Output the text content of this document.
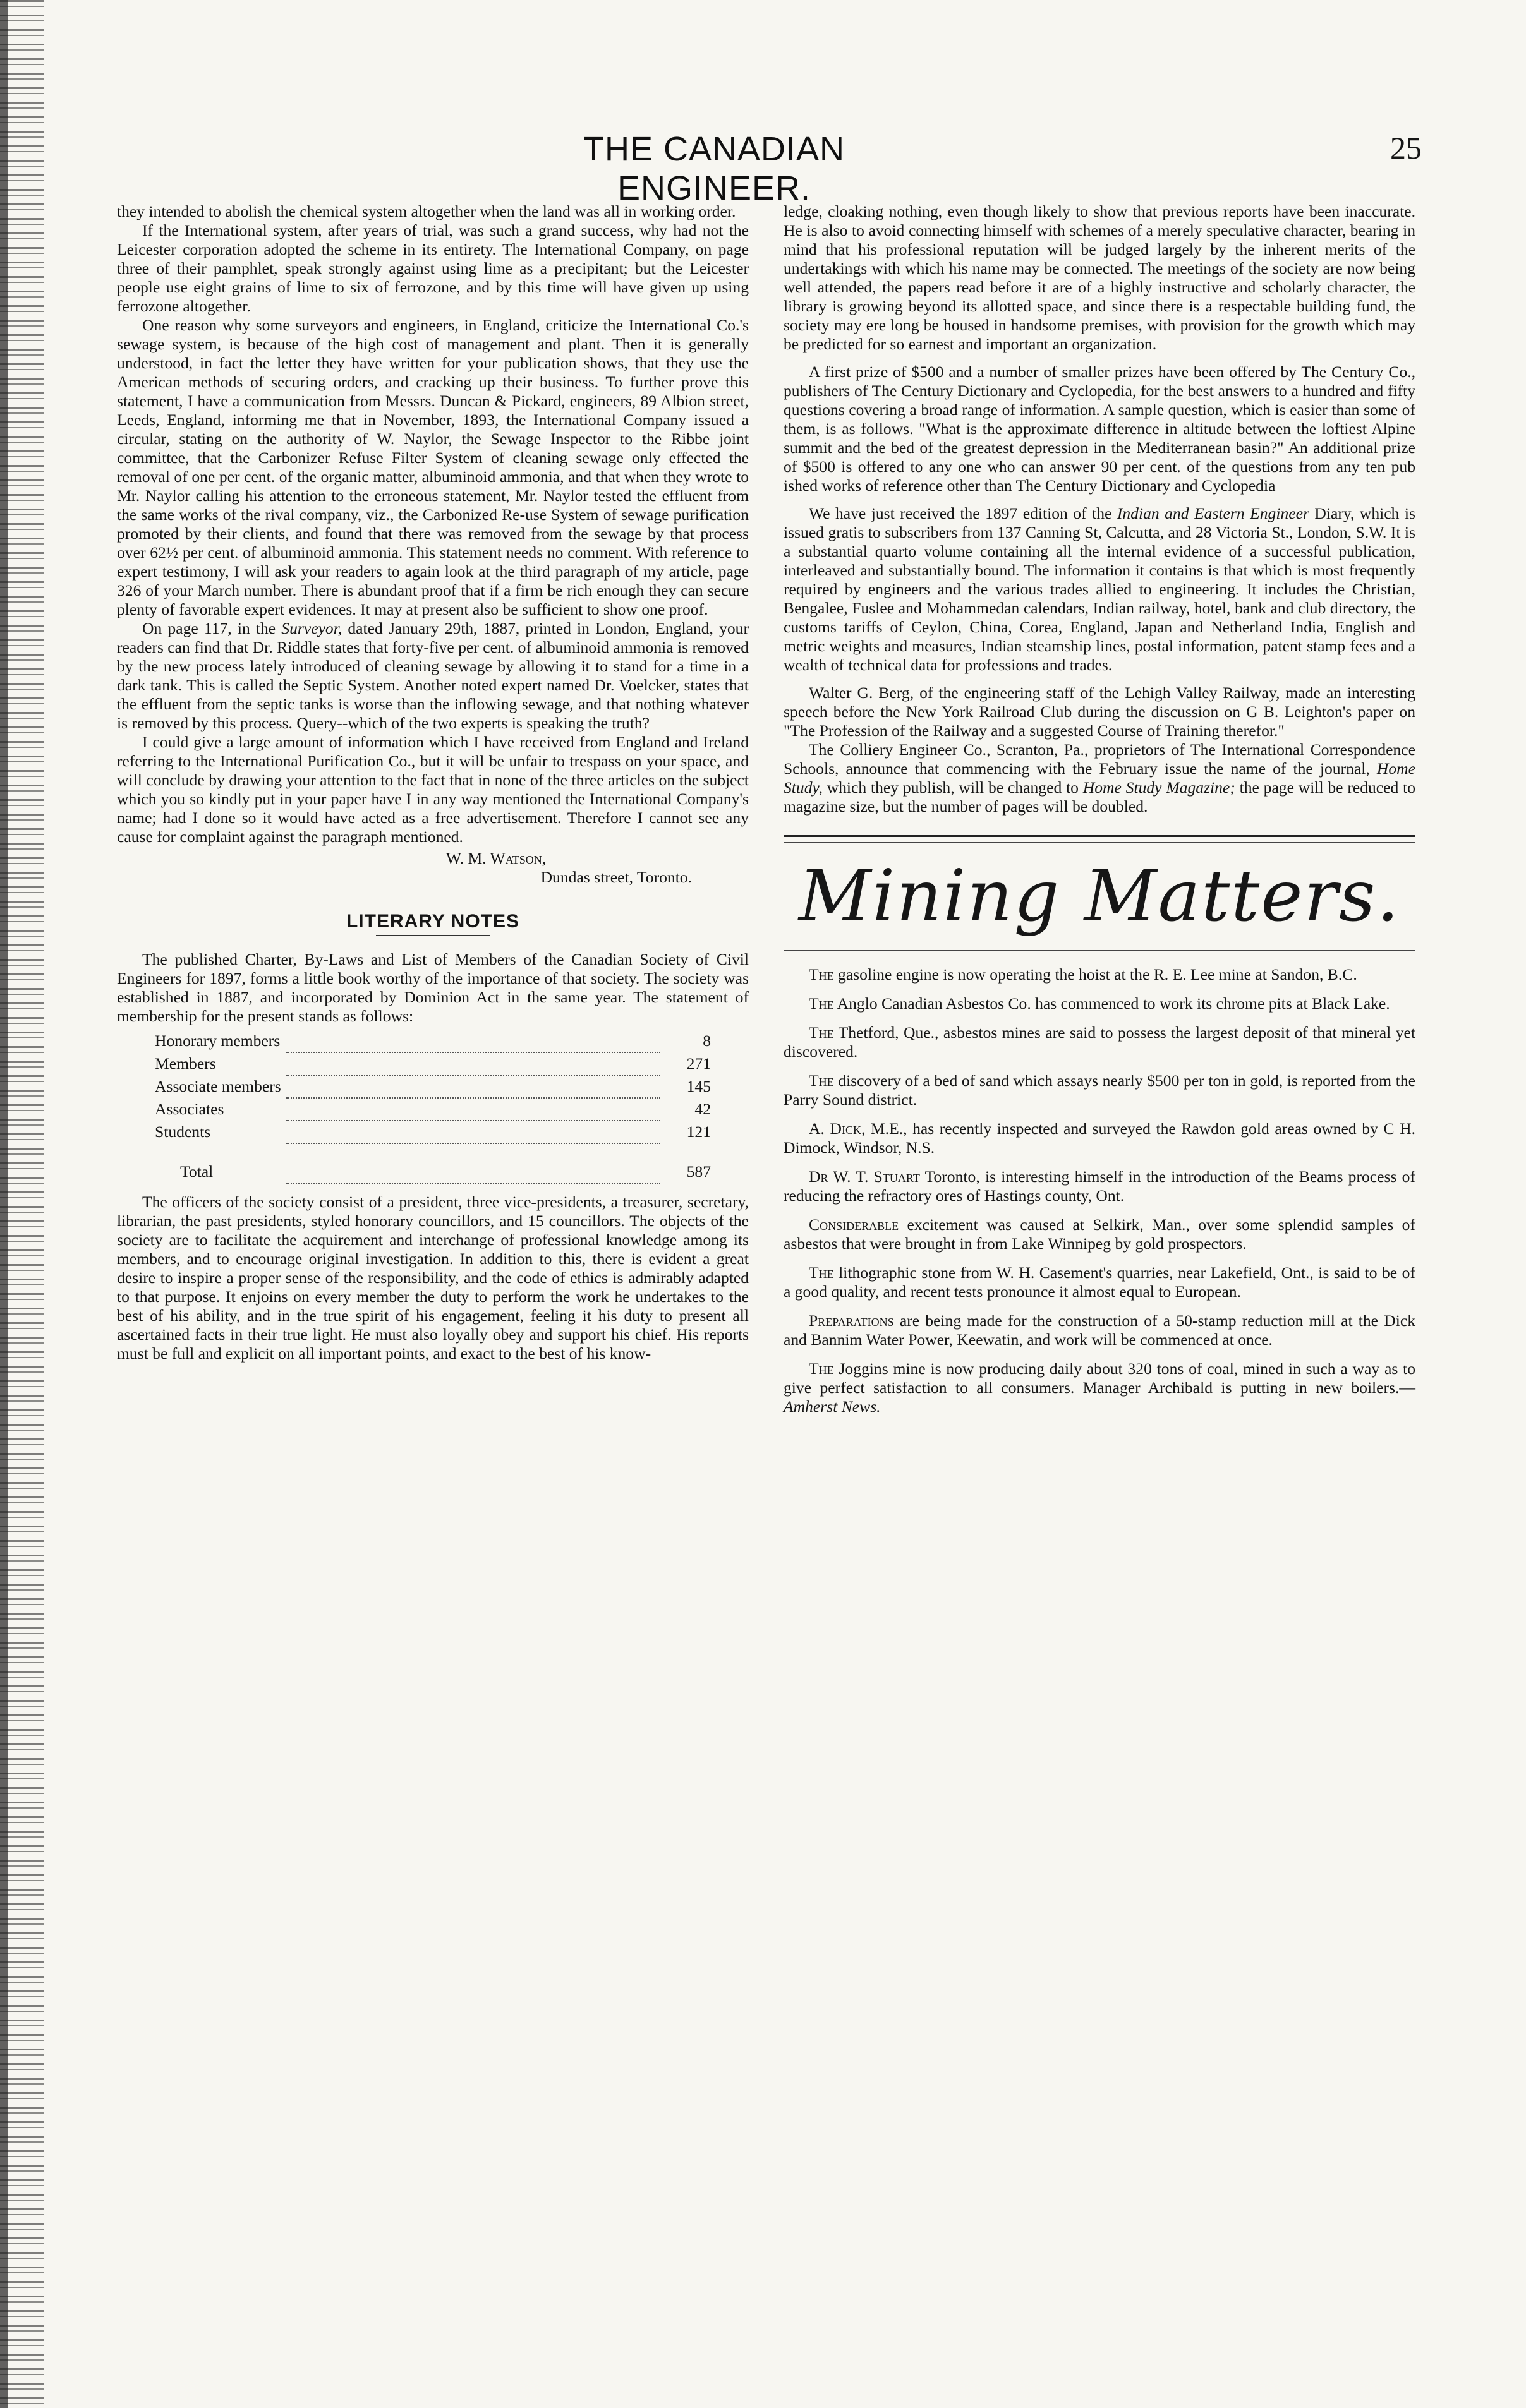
THE CANADIAN ENGINEER.
25

they intended to abolish the chemical system altogether when the land was all in working order.

If the International system, after years of trial, was such a grand success, why had not the Leicester corporation adopted the scheme in its entirety. The International Company, on page three of their pamphlet, speak strongly against using lime as a precipitant; but the Leicester people use eight grains of lime to six of ferrozone, and by this time will have given up using ferrozone altogether.

One reason why some surveyors and engineers, in England, criticize the International Co.'s sewage system, is because of the high cost of management and plant. Then it is generally understood, in fact the letter they have written for your publication shows, that they use the American methods of securing orders, and cracking up their business. To further prove this statement, I have a communication from Messrs. Duncan & Pickard, engineers, 89 Albion street, Leeds, England, informing me that in November, 1893, the International Company issued a circular, stating on the authority of W. Naylor, the Sewage Inspector to the Ribbe joint committee, that the Carbonizer Refuse Filter System of cleaning sewage only effected the removal of one per cent. of the organic matter, albuminoid ammonia, and that when they wrote to Mr. Naylor calling his attention to the erroneous statement, Mr. Naylor tested the effluent from the same works of the rival company, viz., the Carbonized Re-use System of sewage purification promoted by their clients, and found that there was removed from the sewage by that process over 62½ per cent. of albuminoid ammonia. This statement needs no comment. With reference to expert testimony, I will ask your readers to again look at the third paragraph of my article, page 326 of your March number. There is abundant proof that if a firm be rich enough they can secure plenty of favorable expert evidences. It may at present also be sufficient to show one proof.

On page 117, in the Surveyor, dated January 29th, 1887, printed in London, England, your readers can find that Dr. Riddle states that forty-five per cent. of albuminoid ammonia is removed by the new process lately introduced of cleaning sewage by allowing it to stand for a time in a dark tank. This is called the Septic System. Another noted expert named Dr. Voelcker, states that the effluent from the septic tanks is worse than the inflowing sewage, and that nothing whatever is removed by this process. Query--which of the two experts is speaking the truth?

I could give a large amount of information which I have received from England and Ireland referring to the International Purification Co., but it will be unfair to trespass on your space, and will conclude by drawing your attention to the fact that in none of the three articles on the subject which you so kindly put in your paper have I in any way mentioned the International Company's name; had I done so it would have acted as a free advertisement. Therefore I cannot see any cause for complaint against the paragraph mentioned.

W. M. Watson,
Dundas street, Toronto.
LITERARY NOTES

The published Charter, By-Laws and List of Members of the Canadian Society of Civil Engineers for 1897, forms a little book worthy of the importance of that society. The society was established in 1887, and incorporated by Dominion Act in the same year. The statement of membership for the present stands as follows:

Honorary members		8
Members		271
Associate members		145
Associates		42
Students		121
Total		587

The officers of the society consist of a president, three vice-presidents, a treasurer, secretary, librarian, the past presidents, styled honorary councillors, and 15 councillors. The objects of the society are to facilitate the acquirement and interchange of professional knowledge among its members, and to encourage original investigation. In addition to this, there is evident a great desire to inspire a proper sense of the responsibility, and the code of ethics is admirably adapted to that purpose. It enjoins on every member the duty to perform the work he undertakes to the best of his ability, and in the true spirit of his engagement, feeling it his duty to present all ascertained facts in their true light. He must also loyally obey and support his chief. His reports must be full and explicit on all important points, and exact to the best of his know-

ledge, cloaking nothing, even though likely to show that previous reports have been inaccurate. He is also to avoid connecting himself with schemes of a merely speculative character, bearing in mind that his professional reputation will be judged largely by the inherent merits of the undertakings with which his name may be connected. The meetings of the society are now being well attended, the papers read before it are of a highly instructive and scholarly character, the library is growing beyond its allotted space, and since there is a respectable building fund, the society may ere long be housed in handsome premises, with provision for the growth which may be predicted for so earnest and important an organization.

A first prize of $500 and a number of smaller prizes have been offered by The Century Co., publishers of The Century Dictionary and Cyclopedia, for the best answers to a hundred and fifty questions covering a broad range of information. A sample question, which is easier than some of them, is as follows. "What is the approximate difference in altitude between the loftiest Alpine summit and the bed of the greatest depression in the Mediterranean basin?" An additional prize of $500 is offered to any one who can answer 90 per cent. of the questions from any ten pub ished works of reference other than The Century Dictionary and Cyclopedia

We have just received the 1897 edition of the Indian and Eastern Engineer Diary, which is issued gratis to subscribers from 137 Canning St, Calcutta, and 28 Victoria St., London, S.W. It is a substantial quarto volume containing all the internal evidence of a successful publication, interleaved and substantially bound. The information it contains is that which is most frequently required by engineers and the various trades allied to engineering. It includes the Christian, Bengalee, Fuslee and Mohammedan calendars, Indian railway, hotel, bank and club directory, the customs tariffs of Ceylon, China, Corea, England, Japan and Netherland India, English and metric weights and measures, Indian steamship lines, postal information, patent stamp fees and a wealth of technical data for professions and trades.

Walter G. Berg, of the engineering staff of the Lehigh Valley Railway, made an interesting speech before the New York Railroad Club during the discussion on G B. Leighton's paper on "The Profession of the Railway and a suggested Course of Training therefor."

The Colliery Engineer Co., Scranton, Pa., proprietors of The International Correspondence Schools, announce that commencing with the February issue the name of the journal, Home Study, which they publish, will be changed to Home Study Magazine; the page will be reduced to magazine size, but the number of pages will be doubled.

Mining Matters.

The gasoline engine is now operating the hoist at the R. E. Lee mine at Sandon, B.C.

The Anglo Canadian Asbestos Co. has commenced to work its chrome pits at Black Lake.

The Thetford, Que., asbestos mines are said to possess the largest deposit of that mineral yet discovered.

The discovery of a bed of sand which assays nearly $500 per ton in gold, is reported from the Parry Sound district.

A. Dick, M.E., has recently inspected and surveyed the Rawdon gold areas owned by C H. Dimock, Windsor, N.S.

Dr W. T. Stuart Toronto, is interesting himself in the introduction of the Beams process of reducing the refractory ores of Hastings county, Ont.

Considerable excitement was caused at Selkirk, Man., over some splendid samples of asbestos that were brought in from Lake Winnipeg by gold prospectors.

The lithographic stone from W. H. Casement's quarries, near Lakefield, Ont., is said to be of a good quality, and recent tests pronounce it almost equal to European.

Preparations are being made for the construction of a 50-stamp reduction mill at the Dick and Bannim Water Power, Keewatin, and work will be commenced at once.

The Joggins mine is now producing daily about 320 tons of coal, mined in such a way as to give perfect satisfaction to all consumers. Manager Archibald is putting in new boilers.—Amherst News.
